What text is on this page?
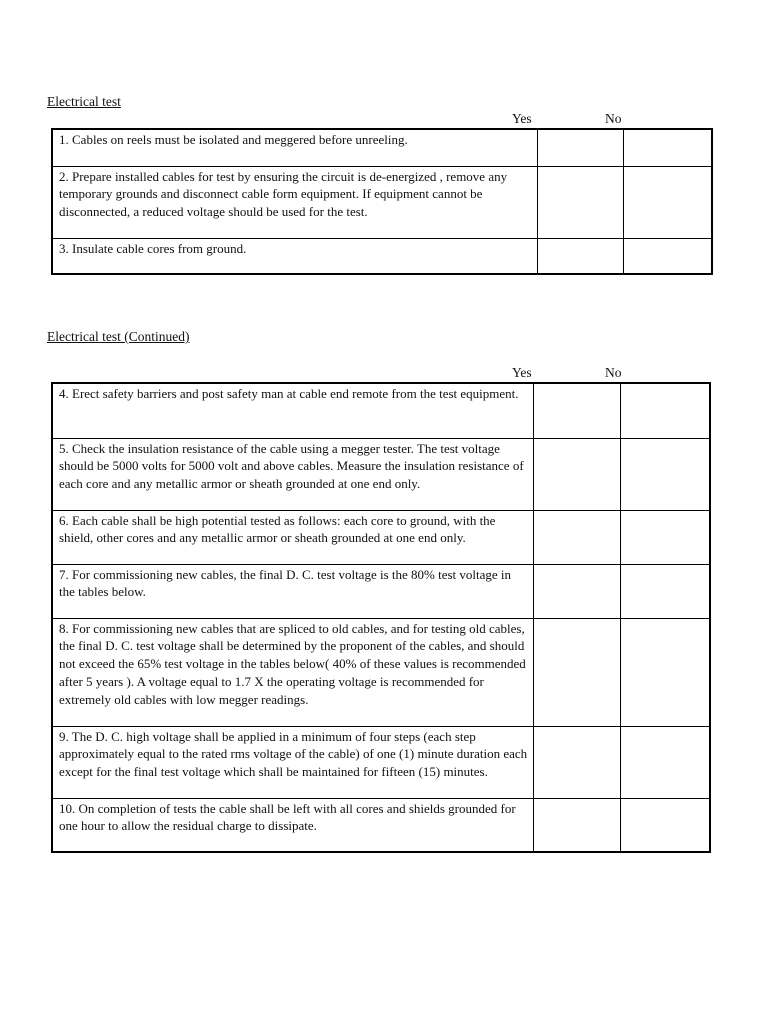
Electrical test
Yes	No
1. Cables on reels must be isolated and meggered before unreeling.		
2. Prepare installed cables for test by ensuring the circuit is de-energized , remove any temporary grounds and disconnect cable form equipment. If equipment cannot be disconnected, a reduced voltage should be used for the test.		
3. Insulate cable cores from ground.		
Electrical test (Continued)
Yes	No
4. Erect safety barriers and post safety man at cable end remote from the test equipment.		
5. Check the insulation resistance of the cable using a megger tester. The test voltage should be 5000 volts for 5000 volt and above cables. Measure the insulation resistance of each core and any metallic armor or sheath grounded at one end only.		
6. Each cable shall be high potential tested as follows: each core to ground, with the shield, other cores and any metallic armor or sheath grounded at one end only.		
7. For commissioning new cables, the final D. C. test voltage is the 80% test voltage in the tables below.		
8. For commissioning new cables that are spliced to old cables, and for testing old cables, the final D. C. test voltage shall be determined by the proponent of the cables, and should not exceed the 65% test voltage in the tables below( 40% of these values is recommended after 5 years ). A voltage equal to 1.7 X the operating voltage is recommended for extremely old cables with low megger readings.		
9. The D. C. high voltage shall be applied in a minimum of four steps (each step approximately equal to the rated rms voltage of the cable) of one (1) minute duration each except for the final test voltage which shall be maintained for fifteen (15) minutes.		
10. On completion of tests the cable shall be left with all cores and shields grounded for one hour to allow the residual charge to dissipate.		
